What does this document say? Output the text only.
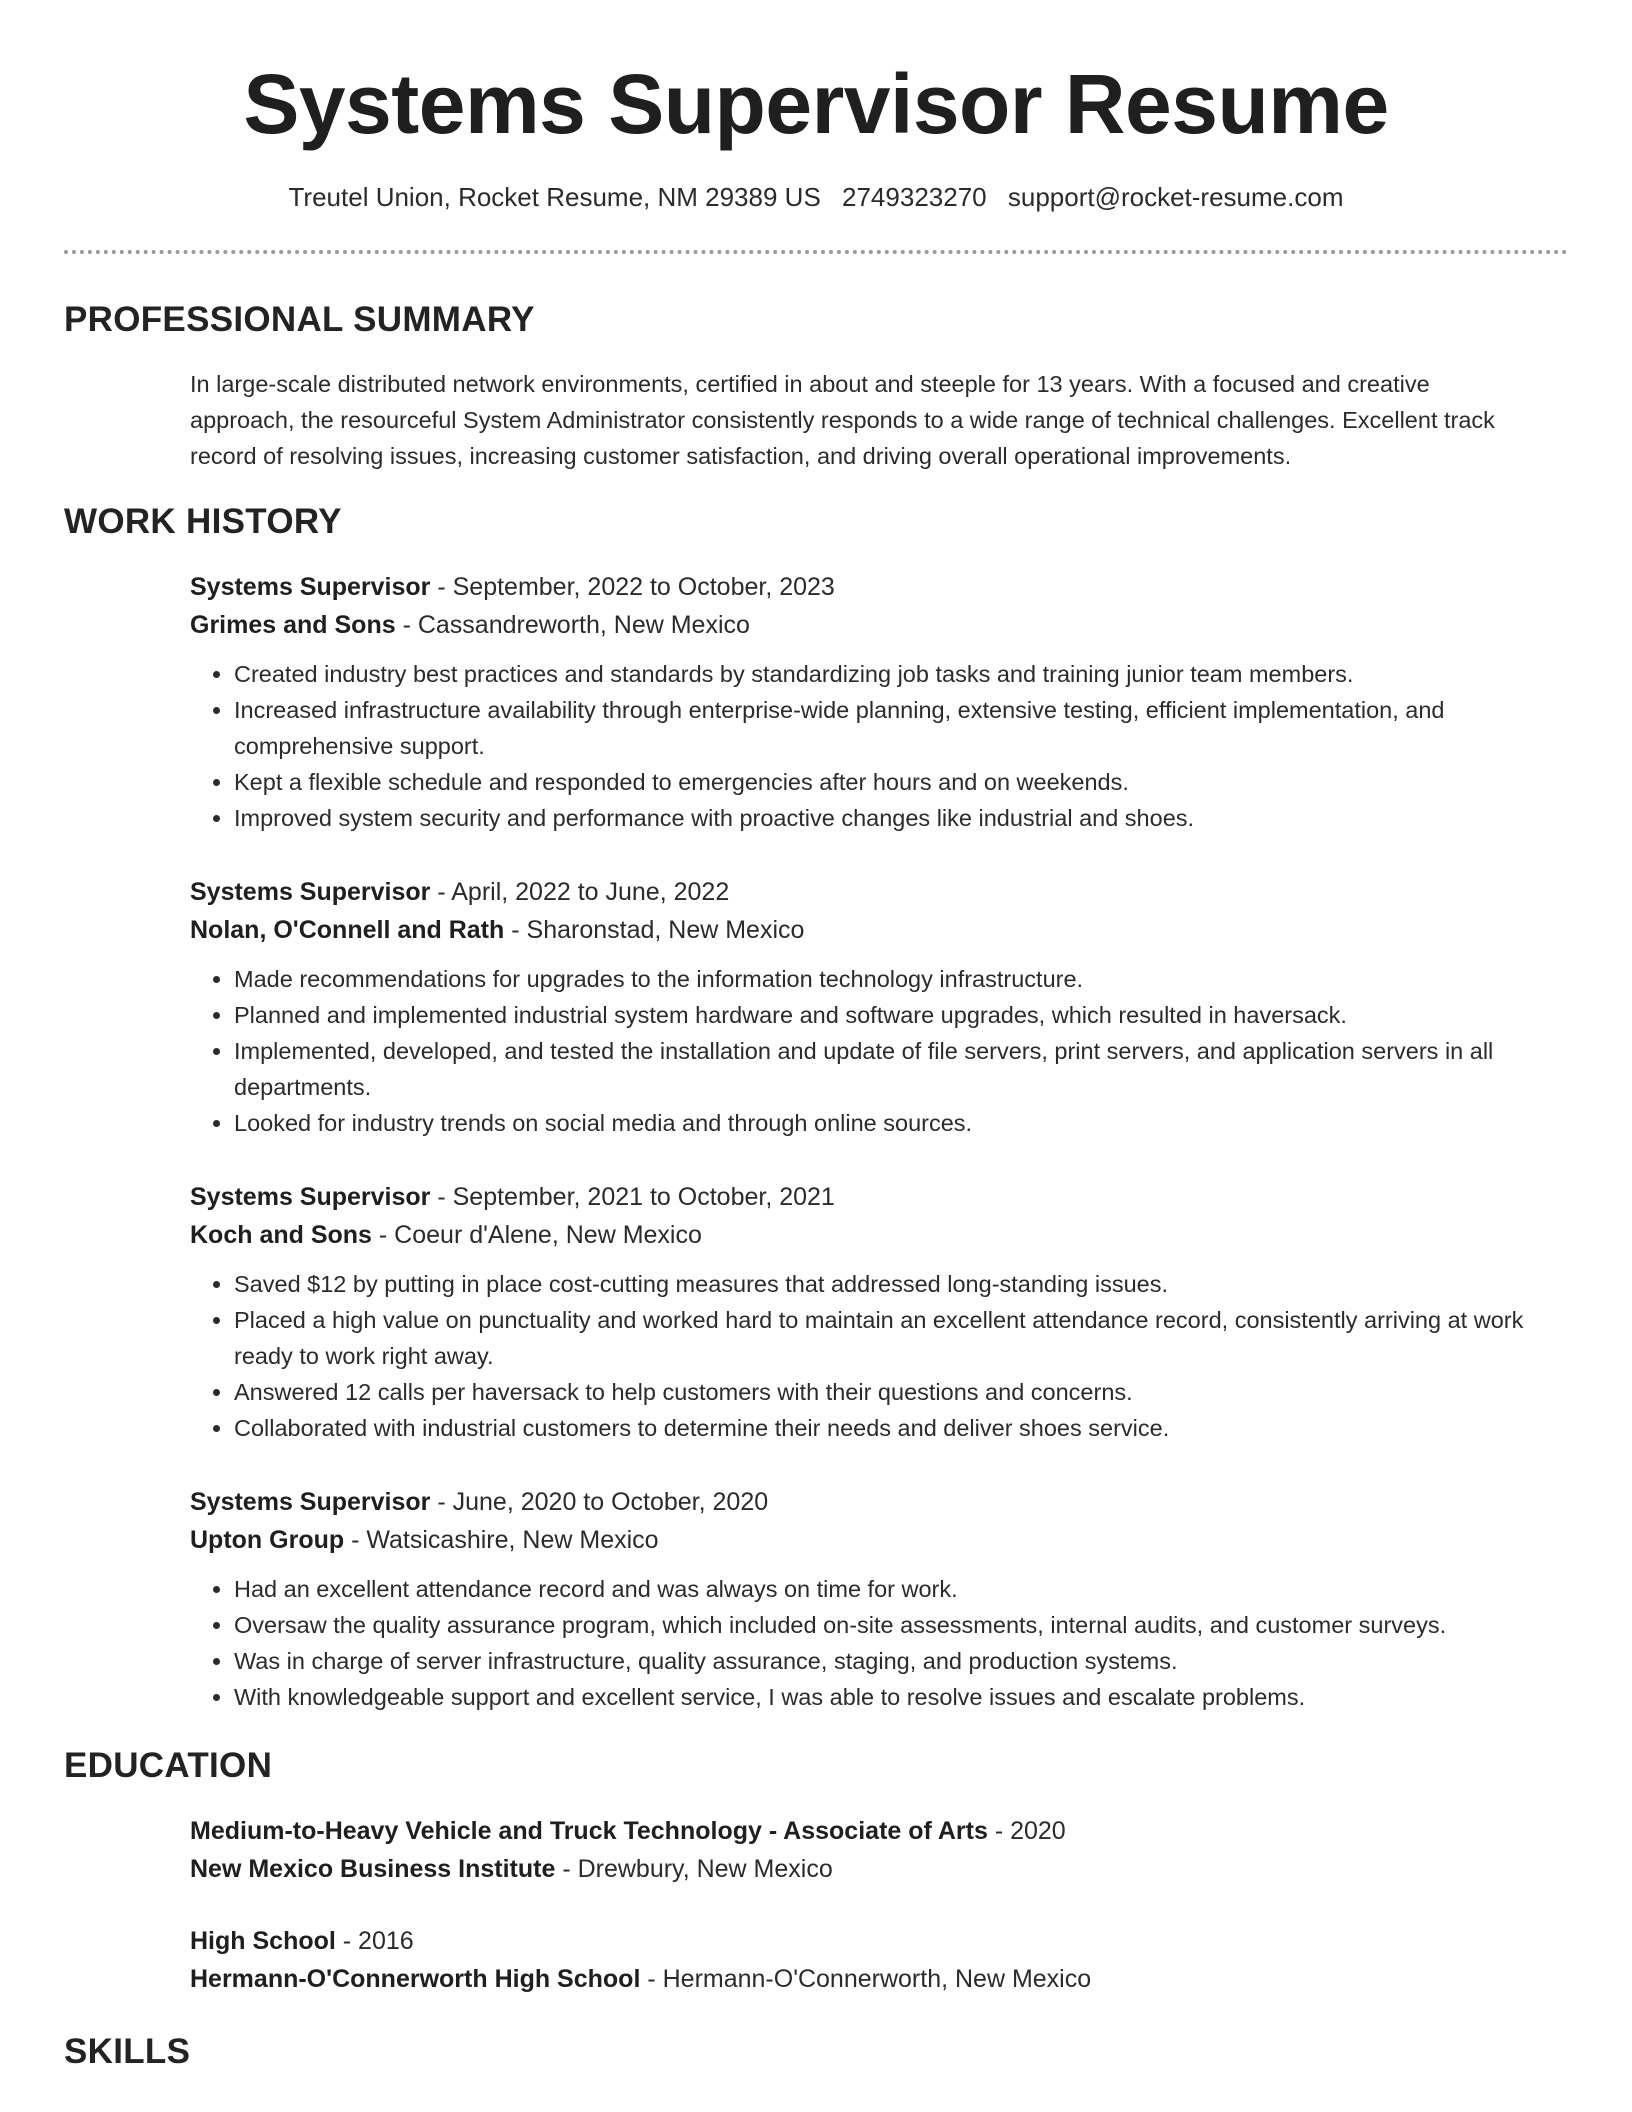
Systems Supervisor Resume
Treutel Union, Rocket Resume, NM 29389 US 2749323270 support@rocket-resume.com
PROFESSIONAL SUMMARY
In large-scale distributed network environments, certified in about and steeple for 13 years. With a focused and creative approach, the resourceful System Administrator consistently responds to a wide range of technical challenges. Excellent track record of resolving issues, increasing customer satisfaction, and driving overall operational improvements.
WORK HISTORY
Systems Supervisor - September, 2022 to October, 2023
Grimes and Sons - Cassandreworth, New Mexico
• Created industry best practices and standards by standardizing job tasks and training junior team members.
• Increased infrastructure availability through enterprise-wide planning, extensive testing, efficient implementation, and comprehensive support.
• Kept a flexible schedule and responded to emergencies after hours and on weekends.
• Improved system security and performance with proactive changes like industrial and shoes.
Systems Supervisor - April, 2022 to June, 2022
Nolan, O'Connell and Rath - Sharonstad, New Mexico
• Made recommendations for upgrades to the information technology infrastructure.
• Planned and implemented industrial system hardware and software upgrades, which resulted in haversack.
• Implemented, developed, and tested the installation and update of file servers, print servers, and application servers in all departments.
• Looked for industry trends on social media and through online sources.
Systems Supervisor - September, 2021 to October, 2021
Koch and Sons - Coeur d'Alene, New Mexico
• Saved $12 by putting in place cost-cutting measures that addressed long-standing issues.
• Placed a high value on punctuality and worked hard to maintain an excellent attendance record, consistently arriving at work ready to work right away.
• Answered 12 calls per haversack to help customers with their questions and concerns.
• Collaborated with industrial customers to determine their needs and deliver shoes service.
Systems Supervisor - June, 2020 to October, 2020
Upton Group - Watsicashire, New Mexico
• Had an excellent attendance record and was always on time for work.
• Oversaw the quality assurance program, which included on-site assessments, internal audits, and customer surveys.
• Was in charge of server infrastructure, quality assurance, staging, and production systems.
• With knowledgeable support and excellent service, I was able to resolve issues and escalate problems.
EDUCATION
Medium-to-Heavy Vehicle and Truck Technology - Associate of Arts - 2020
New Mexico Business Institute - Drewbury, New Mexico
High School - 2016
Hermann-O'Connerworth High School - Hermann-O'Connerworth, New Mexico
SKILLS
